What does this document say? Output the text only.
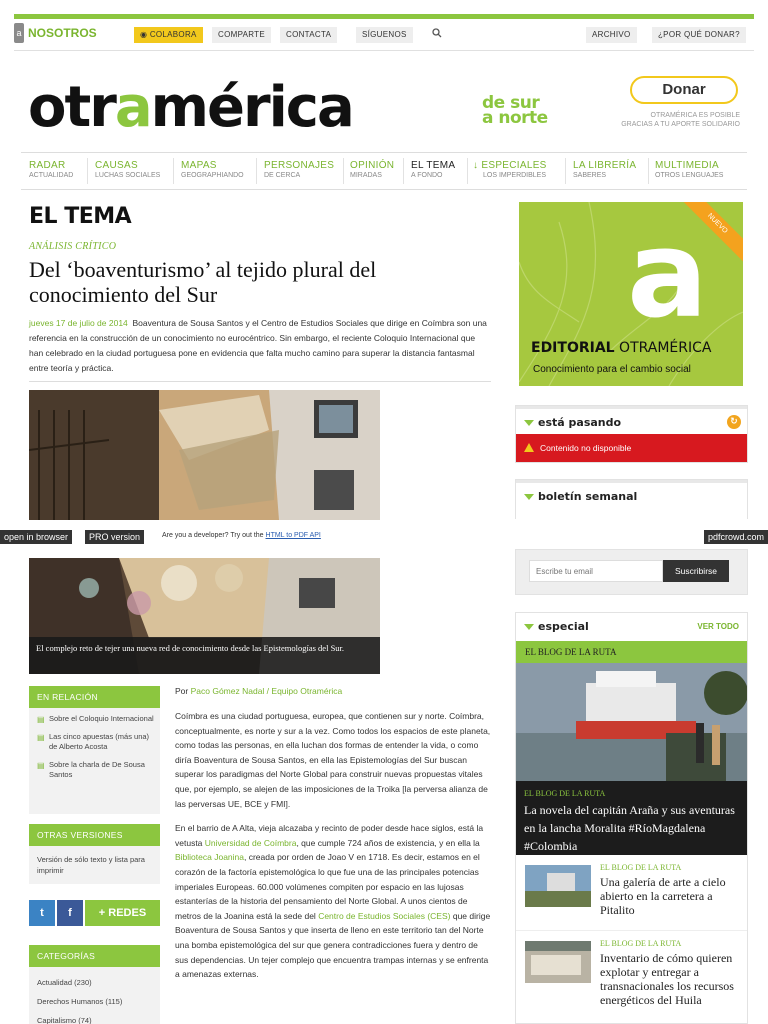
a NOSOTROS	◉ COLABORA	COMPARTE	CONTACTA	SÍGUENOS	ARCHIVO	¿POR QUÉ DONAR?
otramérica	de sur
a norte
Donar
OTRAMÉRICA ES POSIBLE GRACIAS A TU APORTE SOLIDARIO
RADAR
ACTUALIDAD
CAUSAS
LUCHAS SOCIALES
MAPAS
GEOGRAPHIANDO
PERSONAJES
DE CERCA
OPINIÓN
MIRADAS
EL TEMA
A FONDO
↓ ESPECIALES
LOS IMPERDIBLES
LA LIBRERÍA
SABERES
MULTIMEDIA
OTROS LENGUAJES
EL TEMA
ANÁLISIS CRÍTICO
Del ‘boaventurismo’ al tejido plural del conocimiento del Sur

jueves 17 de julio de 2014 Boaventura de Sousa Santos y el Centro de Estudios Sociales que dirige en Coímbra son una referencia en la construcción de un conocimiento no eurocéntrico. Sin embargo, el reciente Coloquio Internacional que han celebrado en la ciudad portuguesa pone en evidencia que falta mucho camino para superar la distancia fantasmal entre teoría y práctica.

open in browser	PRO version	Are you a developer? Try out the HTML to PDF API	pdfcrowd.com
El complejo reto de tejer una nueva red de conocimiento desde las Epistemologías del Sur.
EN RELACIÓN
▤ Sobre el Coloquio Internacional
▤ Las cinco apuestas (más una) de Alberto Acosta
▤ Sobre la charla de De Sousa Santos
OTRAS VERSIONES
Versión de sólo texto y lista para imprimir
t	f	+ REDES
CATEGORÍAS
Actualidad (230)
Derechos Humanos (115)
Capitalismo (74)
Por Paco Gómez Nadal / Equipo Otramérica

Coímbra es una ciudad portuguesa, europea, que contienen sur y norte. Coímbra, conceptualmente, es norte y sur a la vez. Como todos los espacios de este planeta, como todas las personas, en ella luchan dos formas de entender la vida, o como diría Boaventura de Sousa Santos, en ella las Epistemologías del Sur buscan superar los paradigmas del Norte Global para construir nuevas propuestas vitales que, por ejemplo, se alejen de las imposiciones de la Troika [la perversa alianza de las perversas UE, BCE y FMI].

En el barrio de A Alta, vieja alcazaba y recinto de poder desde hace siglos, está la vetusta Universidad de Coímbra, que cumple 724 años de existencia, y en ella la Biblioteca Joanina, creada por orden de Joao V en 1718. Es decir, estamos en el corazón de la factoría epistemológica lo que fue una de las principales potencias imperiales Europeas. 60.000 volúmenes compiten por espacio en las lujosas estanterías de la historia del pensamiento del Norte Global. A unos cientos de metros de la Joanina está la sede del Centro de Estudios Sociales (CES) que dirige Boaventura de Sousa Santos y que inserta de lleno en este territorio tan del Norte una bomba epistemológica del sur que genera contradicciones fuera y dentro de sus dependencias. Un tejer complejo que encuentra trampas internas y se enfrenta a amenazas externas.

NUEVO
a
EDITORIAL OTRAMÉRICA
Conocimiento para el cambio social
está pasando	↻
Contenido no disponible
boletín semanal
Escribe tu email
Suscribirse
especial	VER TODO
EL BLOG DE LA RUTA
EL BLOG DE LA RUTA
La novela del capitán Araña y sus aventuras en la lancha Moralita #RíoMagdalena #Colombia
EL BLOG DE LA RUTA
Una galería de arte a cielo abierto en la carretera a Pitalito
EL BLOG DE LA RUTA
Inventario de cómo quieren explotar y entregar a transnacionales los recursos energéticos del Huila
